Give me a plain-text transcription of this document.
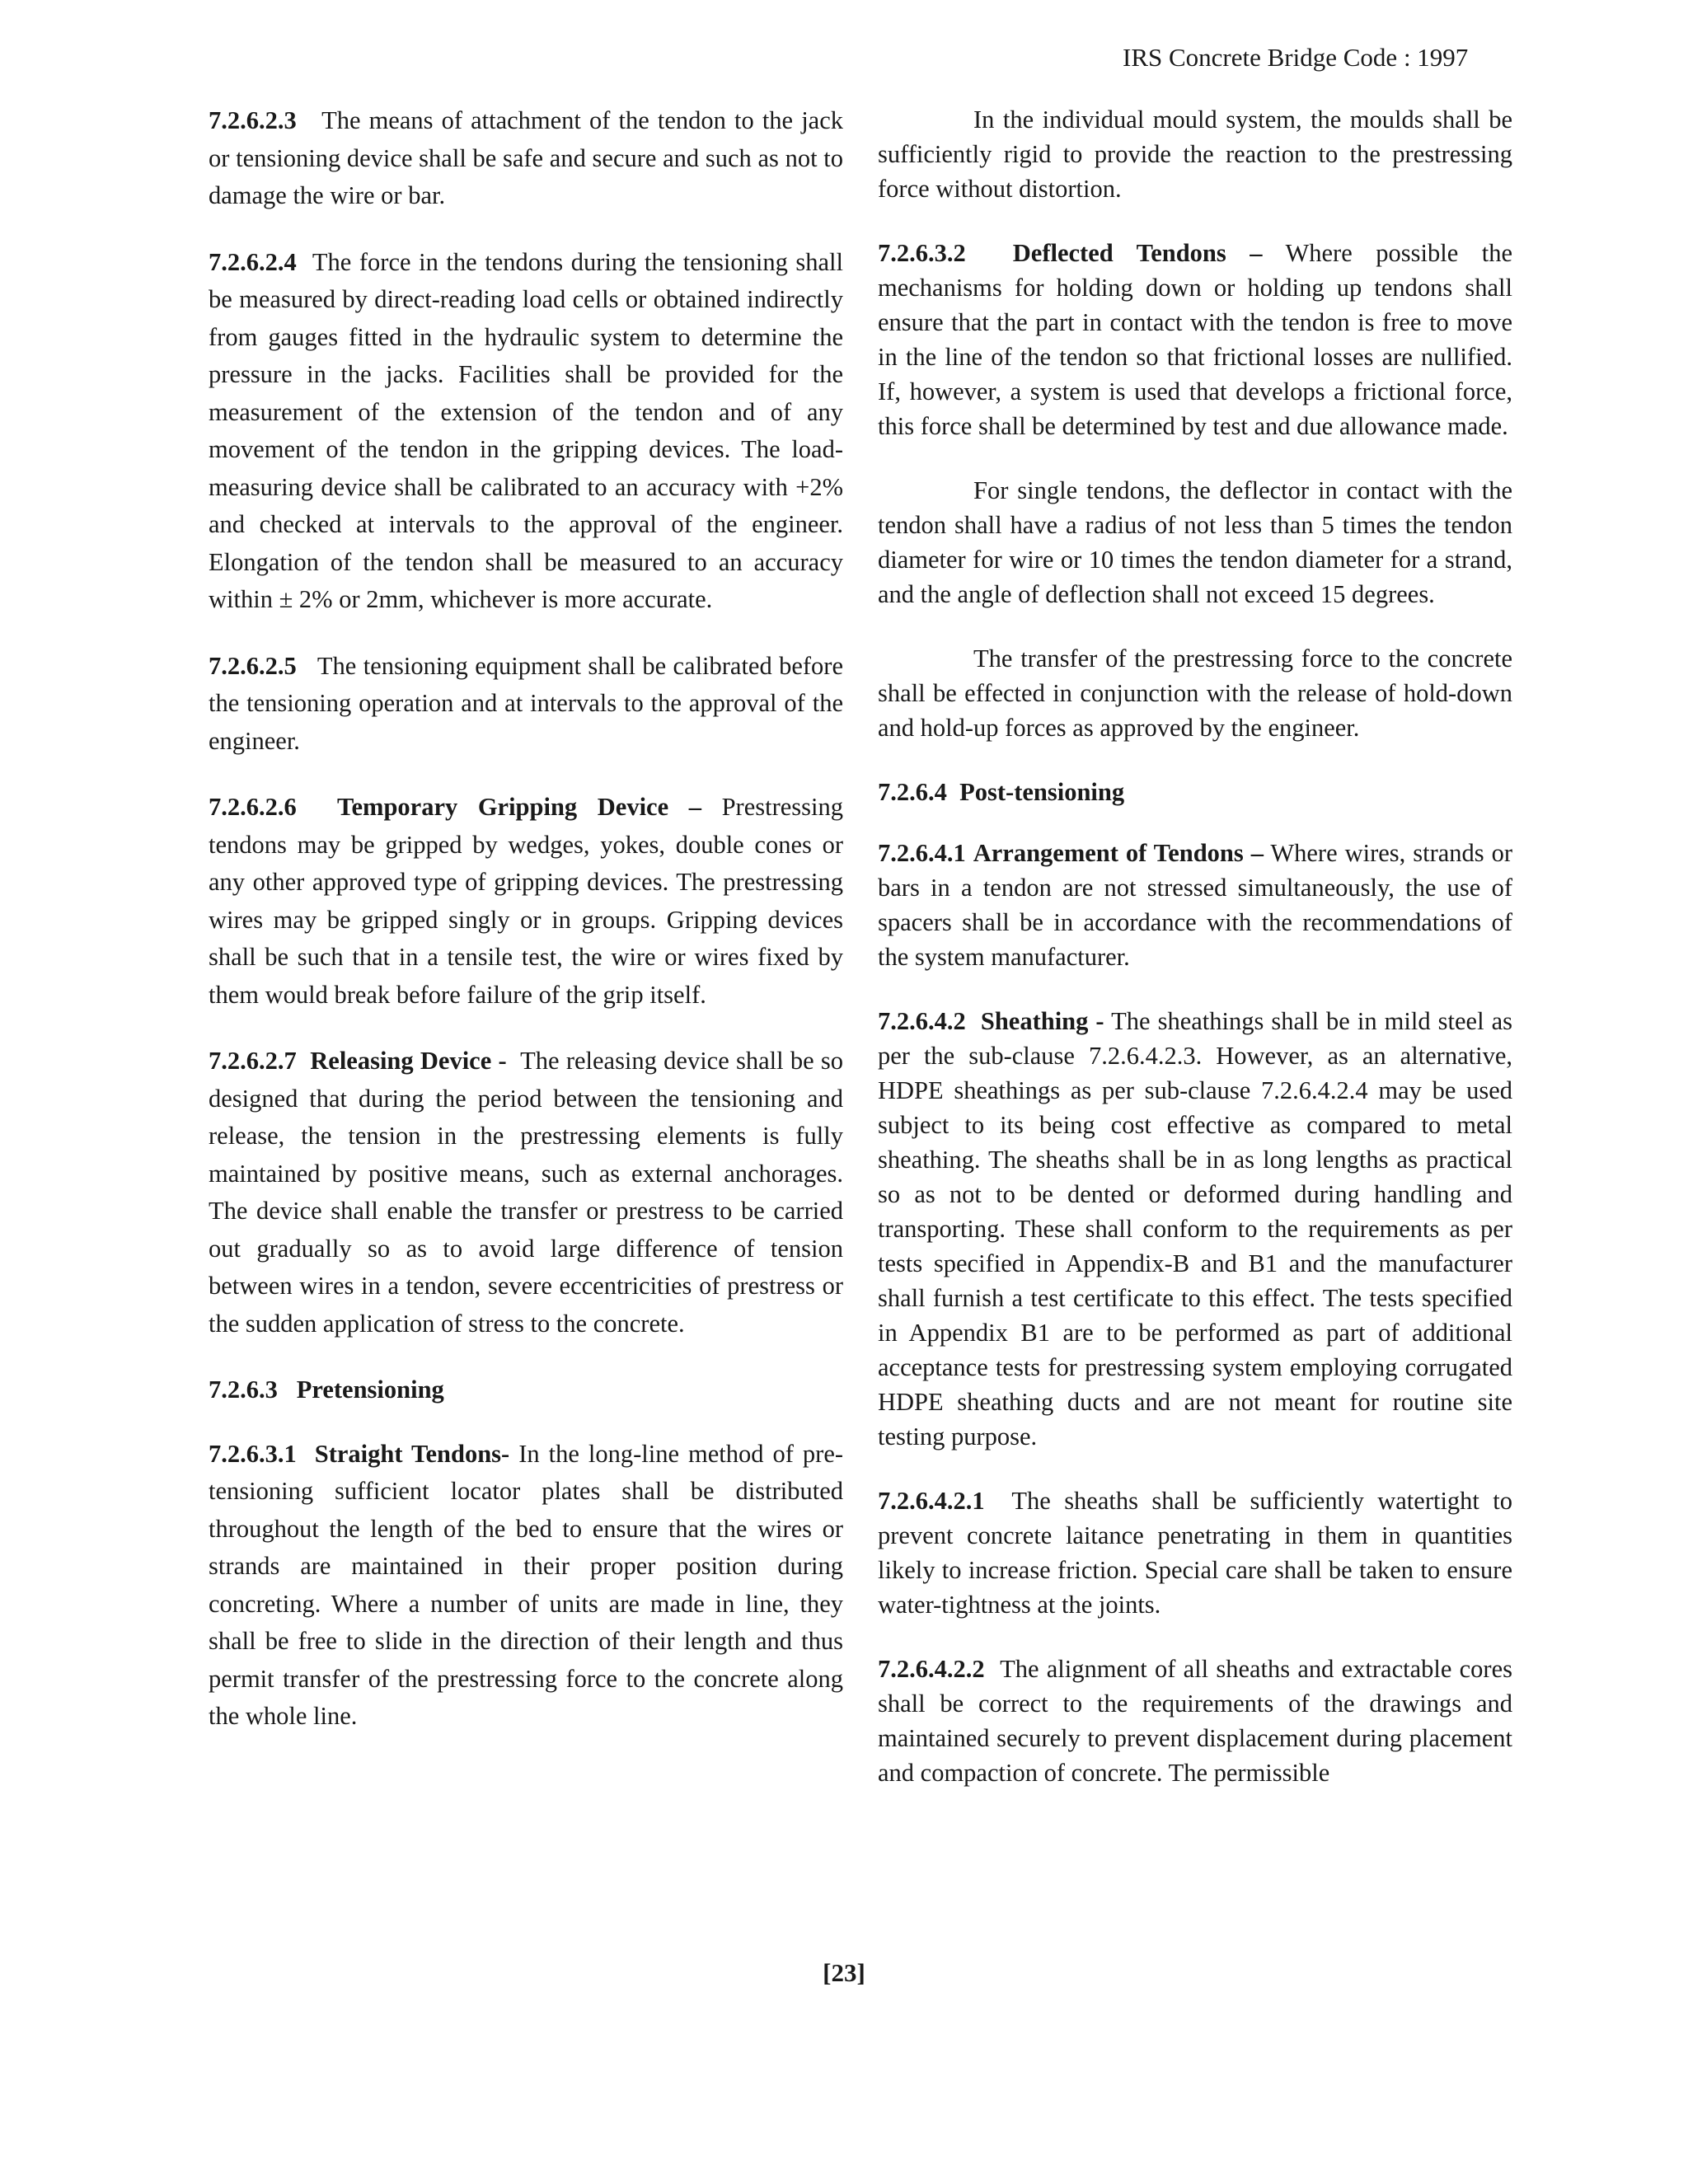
IRS Concrete Bridge Code : 1997

7.2.6.2.3 The means of attachment of the tendon to the jack or tensioning device shall be safe and secure and such as not to damage the wire or bar.

7.2.6.2.4 The force in the tendons during the tensioning shall be measured by direct-reading load cells or obtained indirectly from gauges fitted in the hydraulic system to determine the pressure in the jacks. Facilities shall be provided for the measurement of the extension of the tendon and of any movement of the tendon in the gripping devices. The load-measuring device shall be calibrated to an accuracy with +2% and checked at intervals to the approval of the engineer. Elongation of the tendon shall be measured to an accuracy within ± 2% or 2mm, whichever is more accurate.

7.2.6.2.5 The tensioning equipment shall be calibrated before the tensioning operation and at intervals to the approval of the engineer.

7.2.6.2.6 Temporary Gripping Device – Prestressing tendons may be gripped by wedges, yokes, double cones or any other approved type of gripping devices. The prestressing wires may be gripped singly or in groups. Gripping devices shall be such that in a tensile test, the wire or wires fixed by them would break before failure of the grip itself.

7.2.6.2.7 Releasing Device - The releasing device shall be so designed that during the period between the tensioning and release, the tension in the prestressing elements is fully maintained by positive means, such as external anchorages. The device shall enable the transfer or prestress to be carried out gradually so as to avoid large difference of tension between wires in a tendon, severe eccentricities of prestress or the sudden application of stress to the concrete.

7.2.6.3 Pretensioning

7.2.6.3.1 Straight Tendons- In the long-line method of pre-tensioning sufficient locator plates shall be distributed throughout the length of the bed to ensure that the wires or strands are maintained in their proper position during concreting. Where a number of units are made in line, they shall be free to slide in the direction of their length and thus permit transfer of the prestressing force to the concrete along the whole line.

In the individual mould system, the moulds shall be sufficiently rigid to provide the reaction to the prestressing force without distortion.

7.2.6.3.2 Deflected Tendons – Where possible the mechanisms for holding down or holding up tendons shall ensure that the part in contact with the tendon is free to move in the line of the tendon so that frictional losses are nullified. If, however, a system is used that develops a frictional force, this force shall be determined by test and due allowance made.

For single tendons, the deflector in contact with the tendon shall have a radius of not less than 5 times the tendon diameter for wire or 10 times the tendon diameter for a strand, and the angle of deflection shall not exceed 15 degrees.

The transfer of the prestressing force to the concrete shall be effected in conjunction with the release of hold-down and hold-up forces as approved by the engineer.

7.2.6.4 Post-tensioning

7.2.6.4.1 Arrangement of Tendons – Where wires, strands or bars in a tendon are not stressed simultaneously, the use of spacers shall be in accordance with the recommendations of the system manufacturer.

7.2.6.4.2 Sheathing - The sheathings shall be in mild steel as per the sub-clause 7.2.6.4.2.3. However, as an alternative, HDPE sheathings as per sub-clause 7.2.6.4.2.4 may be used subject to its being cost effective as compared to metal sheathing. The sheaths shall be in as long lengths as practical so as not to be dented or deformed during handling and transporting. These shall conform to the requirements as per tests specified in Appendix-B and B1 and the manufacturer shall furnish a test certificate to this effect. The tests specified in Appendix B1 are to be performed as part of additional acceptance tests for prestressing system employing corrugated HDPE sheathing ducts and are not meant for routine site testing purpose.

7.2.6.4.2.1 The sheaths shall be sufficiently watertight to prevent concrete laitance penetrating in them in quantities likely to increase friction. Special care shall be taken to ensure water-tightness at the joints.

7.2.6.4.2.2 The alignment of all sheaths and extractable cores shall be correct to the requirements of the drawings and maintained securely to prevent displacement during placement and compaction of concrete. The permissible

[23]
